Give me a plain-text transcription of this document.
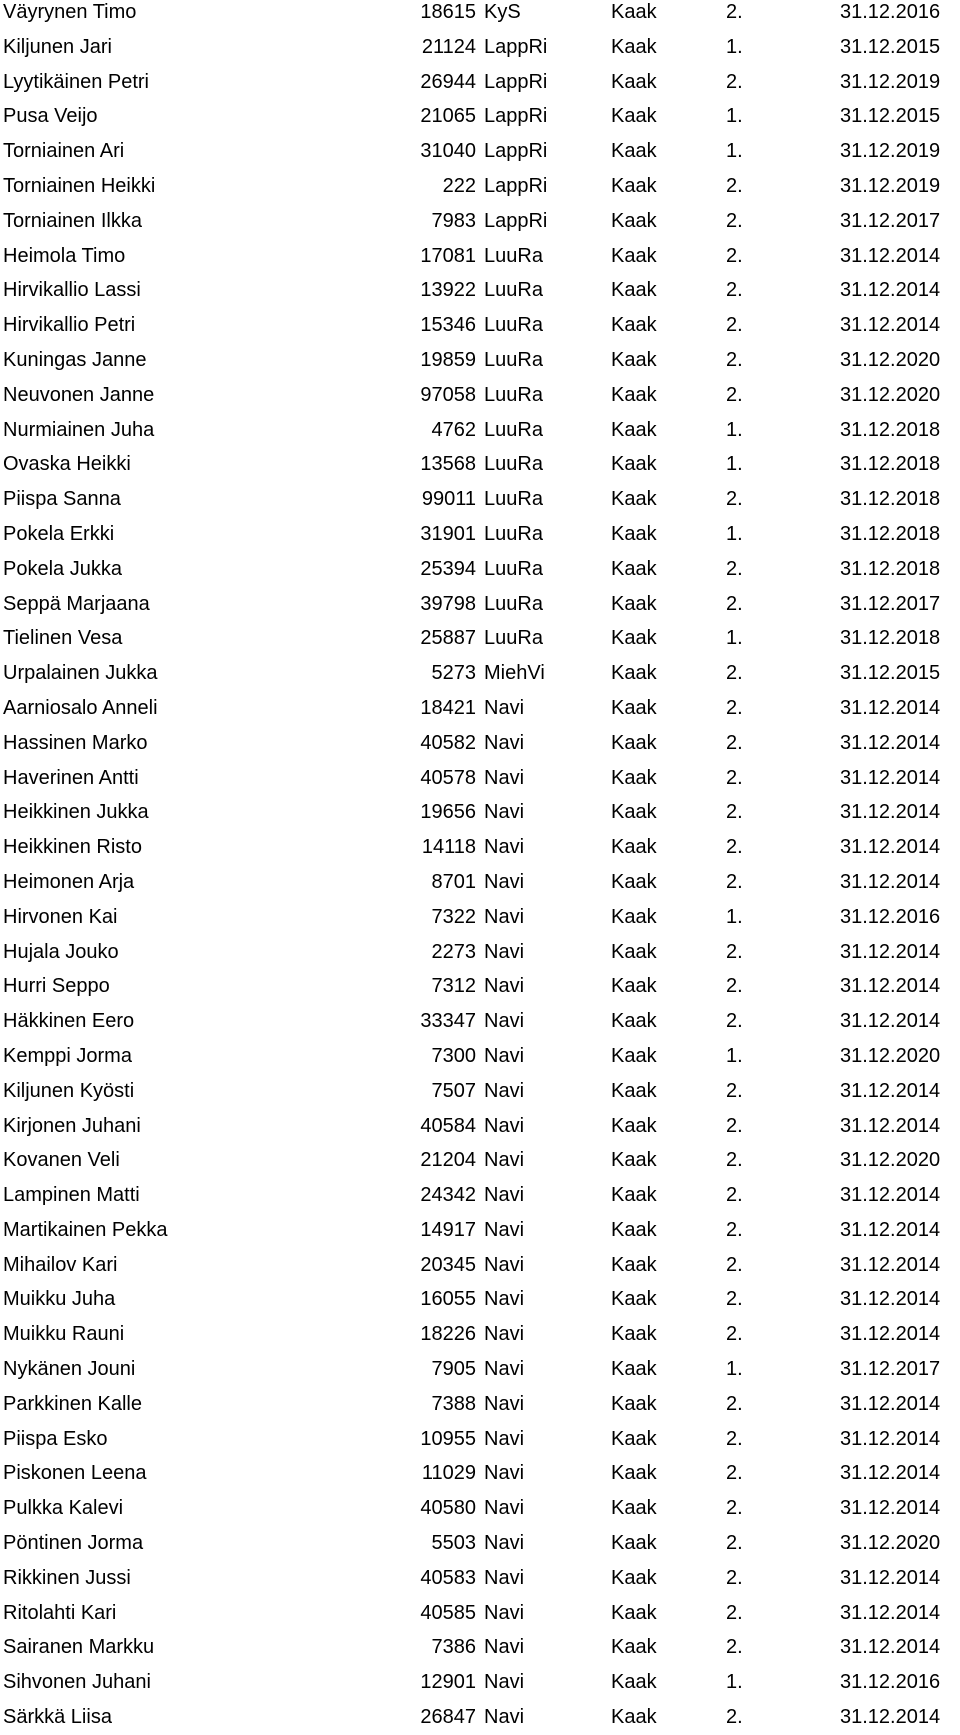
Väyrynen Timo	18615 KyS	Kaak	2.	31.12.2016
Kiljunen Jari	21124 LappRi	Kaak	1.	31.12.2015
Lyytikäinen Petri	26944 LappRi	Kaak	2.	31.12.2019
Pusa Veijo	21065 LappRi	Kaak	1.	31.12.2015
Torniainen Ari	31040 LappRi	Kaak	1.	31.12.2019
Torniainen Heikki	222 LappRi	Kaak	2.	31.12.2019
Torniainen Ilkka	7983 LappRi	Kaak	2.	31.12.2017
Heimola Timo	17081 LuuRa	Kaak	2.	31.12.2014
Hirvikallio Lassi	13922 LuuRa	Kaak	2.	31.12.2014
Hirvikallio Petri	15346 LuuRa	Kaak	2.	31.12.2014
Kuningas Janne	19859 LuuRa	Kaak	2.	31.12.2020
Neuvonen Janne	97058 LuuRa	Kaak	2.	31.12.2020
Nurmiainen Juha	4762 LuuRa	Kaak	1.	31.12.2018
Ovaska Heikki	13568 LuuRa	Kaak	1.	31.12.2018
Piispa Sanna	99011 LuuRa	Kaak	2.	31.12.2018
Pokela Erkki	31901 LuuRa	Kaak	1.	31.12.2018
Pokela Jukka	25394 LuuRa	Kaak	2.	31.12.2018
Seppä Marjaana	39798 LuuRa	Kaak	2.	31.12.2017
Tielinen Vesa	25887 LuuRa	Kaak	1.	31.12.2018
Urpalainen Jukka	5273 MiehVi	Kaak	2.	31.12.2015
Aarniosalo Anneli	18421 Navi	Kaak	2.	31.12.2014
Hassinen Marko	40582 Navi	Kaak	2.	31.12.2014
Haverinen Antti	40578 Navi	Kaak	2.	31.12.2014
Heikkinen Jukka	19656 Navi	Kaak	2.	31.12.2014
Heikkinen Risto	14118 Navi	Kaak	2.	31.12.2014
Heimonen Arja	8701 Navi	Kaak	2.	31.12.2014
Hirvonen Kai	7322 Navi	Kaak	1.	31.12.2016
Hujala Jouko	2273 Navi	Kaak	2.	31.12.2014
Hurri Seppo	7312 Navi	Kaak	2.	31.12.2014
Häkkinen Eero	33347 Navi	Kaak	2.	31.12.2014
Kemppi Jorma	7300 Navi	Kaak	1.	31.12.2020
Kiljunen Kyösti	7507 Navi	Kaak	2.	31.12.2014
Kirjonen Juhani	40584 Navi	Kaak	2.	31.12.2014
Kovanen Veli	21204 Navi	Kaak	2.	31.12.2020
Lampinen Matti	24342 Navi	Kaak	2.	31.12.2014
Martikainen Pekka	14917 Navi	Kaak	2.	31.12.2014
Mihailov Kari	20345 Navi	Kaak	2.	31.12.2014
Muikku Juha	16055 Navi	Kaak	2.	31.12.2014
Muikku Rauni	18226 Navi	Kaak	2.	31.12.2014
Nykänen Jouni	7905 Navi	Kaak	1.	31.12.2017
Parkkinen Kalle	7388 Navi	Kaak	2.	31.12.2014
Piispa Esko	10955 Navi	Kaak	2.	31.12.2014
Piskonen Leena	11029 Navi	Kaak	2.	31.12.2014
Pulkka Kalevi	40580 Navi	Kaak	2.	31.12.2014
Pöntinen Jorma	5503 Navi	Kaak	2.	31.12.2020
Rikkinen Jussi	40583 Navi	Kaak	2.	31.12.2014
Ritolahti Kari	40585 Navi	Kaak	2.	31.12.2014
Sairanen Markku	7386 Navi	Kaak	2.	31.12.2014
Sihvonen Juhani	12901 Navi	Kaak	1.	31.12.2016
Särkkä Liisa	26847 Navi	Kaak	2.	31.12.2014
